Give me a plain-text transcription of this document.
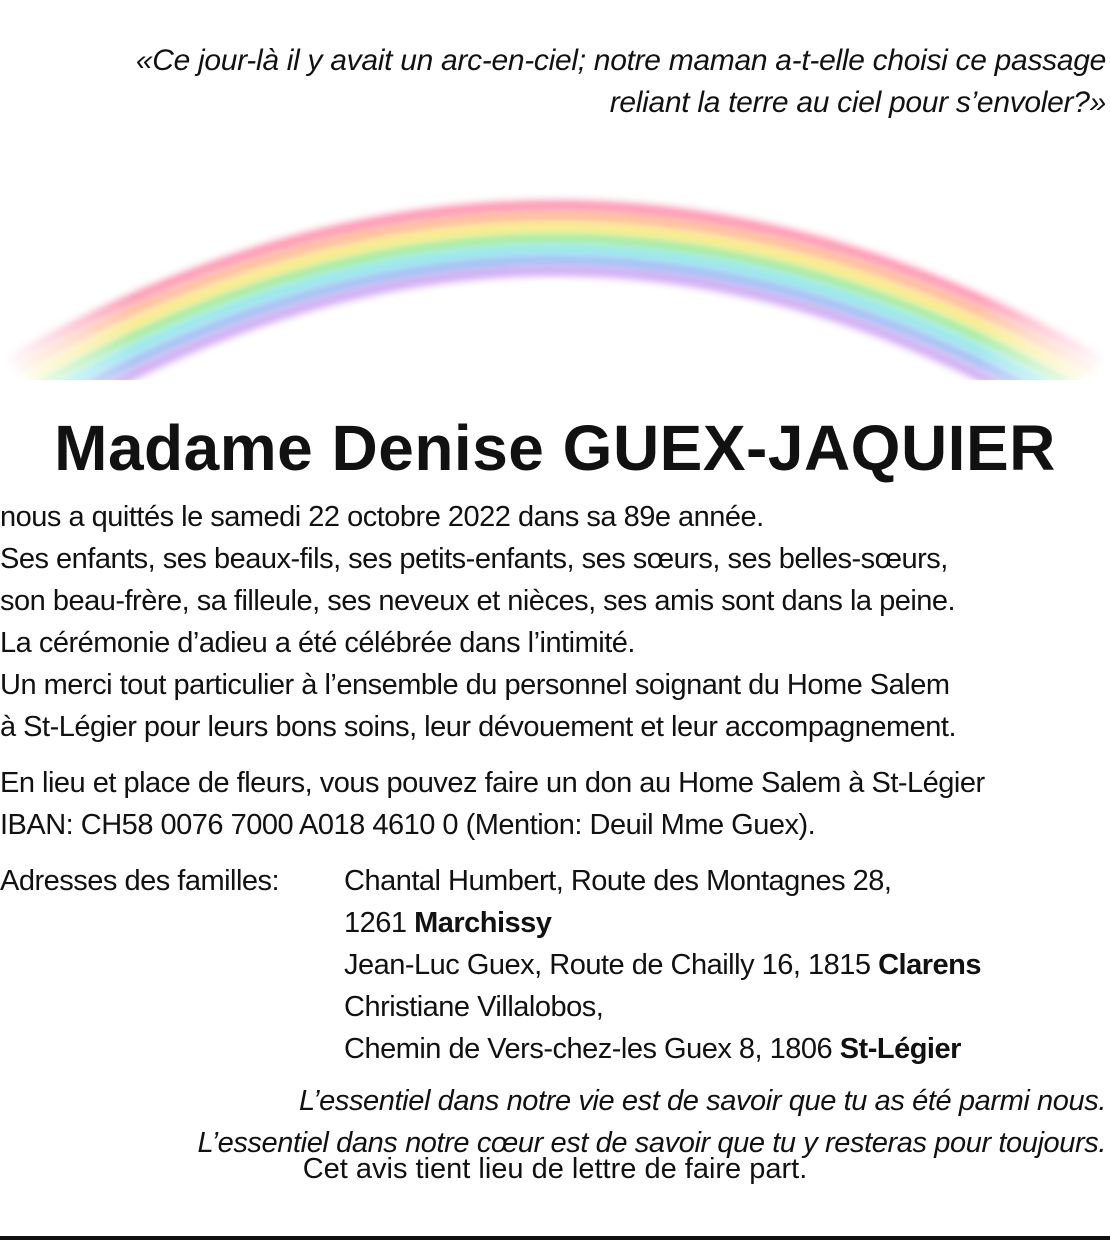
«Ce jour-là il y avait un arc-en-ciel; notre maman a-t-elle choisi ce passage
reliant la terre au ciel pour s’envoler?»
Madame Denise GUEX-JAQUIER
nous a quittés le samedi 22 octobre 2022 dans sa 89e année.
Ses enfants, ses beaux-fils, ses petits-enfants, ses sœurs, ses belles-sœurs,
son beau-frère, sa filleule, ses neveux et nièces, ses amis sont dans la peine.
La cérémonie d’adieu a été célébrée dans l’intimité.
Un merci tout particulier à l’ensemble du personnel soignant du Home Salem
à St-Légier pour leurs bons soins, leur dévouement et leur accompagnement.
En lieu et place de fleurs, vous pouvez faire un don au Home Salem à St-Légier
IBAN: CH58 0076 7000 A018 4610 0 (Mention: Deuil Mme Guex).
Adresses des familles:	Chantal Humbert, Route des Montagnes 28,
1261 Marchissy
Jean-Luc Guex, Route de Chailly 16, 1815 Clarens
Christiane Villalobos,
Chemin de Vers-chez-les Guex 8, 1806 St-Légier
L’essentiel dans notre vie est de savoir que tu as été parmi nous.
L’essentiel dans notre cœur est de savoir que tu y resteras pour toujours.
Cet avis tient lieu de lettre de faire part.
